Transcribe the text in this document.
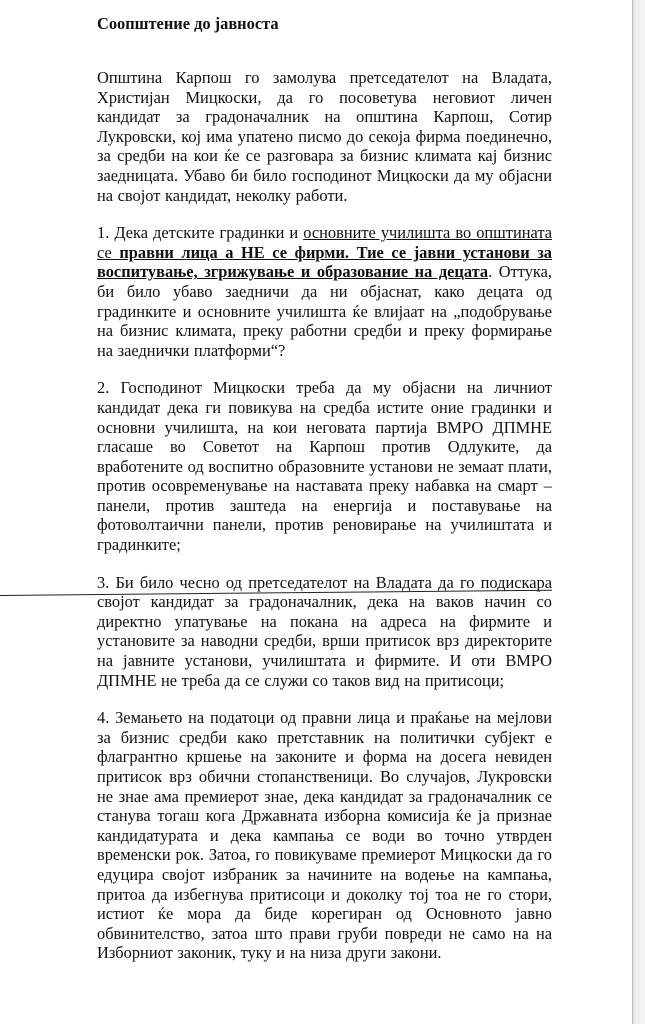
Соопштение до јавноста

Општина Карпош го замолува претседателот на Владата, Христијан Мицкоски, да го посоветува неговиот личен кандидат за градоначалник на општина Карпош, Сотир Лукровски, кој има упатено писмо до секоја фирма поединечно, за средби на кои ќе се разговара за бизнис климата кај бизнис заедницата. Убаво би било господинот Мицкоски да му објасни на својот кандидат, неколку работи.

1. Дека детските градинки и основните училишта во општината се правни лица а НЕ се фирми. Тие се јавни установи за воспитување, згрижување и образование на децата. Оттука, би било убаво заедничи да ни објаснат, како децата од градинките и основните училишта ќе влијаат на „подобрување на бизнис климата, преку работни средби и преку формирање на заеднички платформи“?

2. Господинот Мицкоски треба да му објасни на личниот кандидат дека ги повикува на средба истите оние градинки и основни училишта, на кои неговата партија ВМРО ДПМНЕ гласаше во Советот на Карпош против Одлуките, да вработените од воспитно образовните установи не земаат плати, против осовременување на наставата преку набавка на смарт – панели, против заштеда на енергија и поставување на фотоволтаични панели, против реновирање на училиштата и градинките;

3. Би било чесно од претседателот на Владата да го подискара својот кандидат за градоначалник, дека на ваков начин со директно упатување на покана на адреса на фирмите и установите за наводни средби, врши притисок врз директорите на јавните установи, училиштата и фирмите. И оти ВМРО ДПМНЕ не треба да се служи со таков вид на притисоци;

4. Земањето на податоци од правни лица и праќање на мејлови за бизнис средби како претставник на политички субјект е флагрантно кршење на законите и форма на досега невиден притисок врз обични стопанственици. Во случајов, Лукровски не знае ама премиерот знае, дека кандидат за градоначалник се станува тогаш кога Државната изборна комисија ќе ја признае кандидатурата и дека кампања се води во точно утврден временски рок. Затоа, го повикуваме премиерот Мицкоски да го едуцира својот избраник за начините на водење на кампања, притоа да избегнува притисоци и доколку тој тоа не го стори, истиот ќе мора да биде корегиран од Основното јавно обвинителство, затоа што прави груби повреди не само на на Изборниот законик, туку и на низа други закони.
